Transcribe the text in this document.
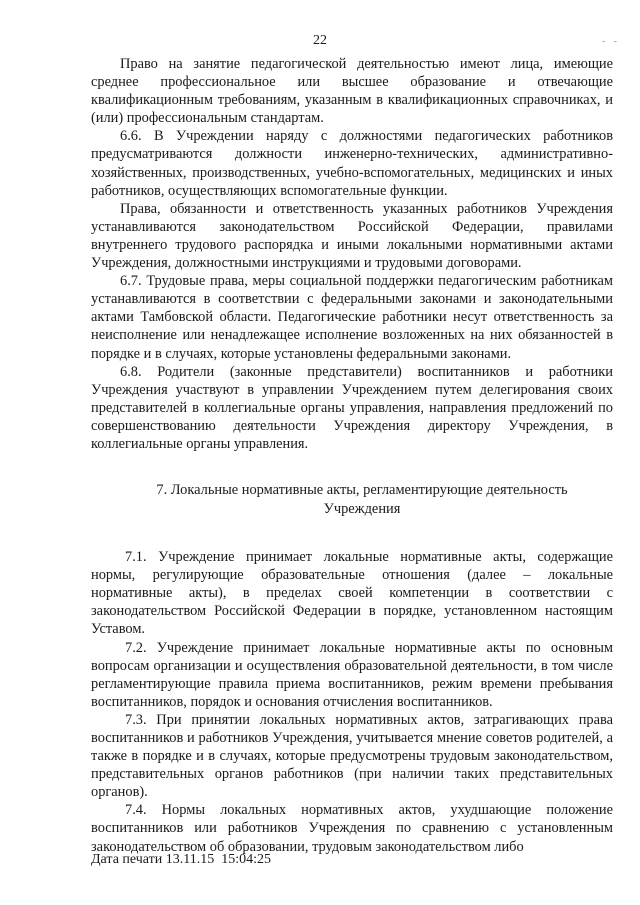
22	- -

Право на занятие педагогической деятельностью имеют лица, имеющие среднее профессиональное или высшее образование и отвечающие квалификационным требованиям, указанным в квалификационных справочниках, и (или) профессиональным стандартам.

6.6. В Учреждении наряду с должностями педагогических работников предусматриваются должности инженерно-технических, административно-хозяйственных, производственных, учебно-вспомогательных, медицинских и иных работников, осуществляющих вспомогательные функции.

Права, обязанности и ответственность указанных работников Учреждения устанавливаются законодательством Российской Федерации, правилами внутреннего трудового распорядка и иными локальными нормативными актами Учреждения, должностными инструкциями и трудовыми договорами.

6.7. Трудовые права, меры социальной поддержки педагогическим работникам устанавливаются в соответствии с федеральными законами и законодательными актами Тамбовской области. Педагогические работники несут ответственность за неисполнение или ненадлежащее исполнение возложенных на них обязанностей в порядке и в случаях, которые установлены федеральными законами.

6.8. Родители (законные представители) воспитанников и работники Учреждения участвуют в управлении Учреждением путем делегирования своих представителей в коллегиальные органы управления, направления предложений по совершенствованию деятельности Учреждения директору Учреждения, в коллегиальные органы управления.

7. Локальные нормативные акты, регламентирующие деятельность
Учреждения

7.1. Учреждение принимает локальные нормативные акты, содержащие нормы, регулирующие образовательные отношения (далее – локальные нормативные акты), в пределах своей компетенции в соответствии с законодательством Российской Федерации в порядке, установленном настоящим Уставом.

7.2. Учреждение принимает локальные нормативные акты по основным вопросам организации и осуществления образовательной деятельности, в том числе регламентирующие правила приема воспитанников, режим времени пребывания воспитанников, порядок и основания отчисления воспитанников.

7.3. При принятии локальных нормативных актов, затрагивающих права воспитанников и работников Учреждения, учитывается мнение советов родителей, а также в порядке и в случаях, которые предусмотрены трудовым законодательством, представительных органов работников (при наличии таких представительных органов).

7.4. Нормы локальных нормативных актов, ухудшающие положение воспитанников или работников Учреждения по сравнению с установленным законодательством об образовании, трудовым законодательством либо

Дата печати 13.11.15 15:04:25
